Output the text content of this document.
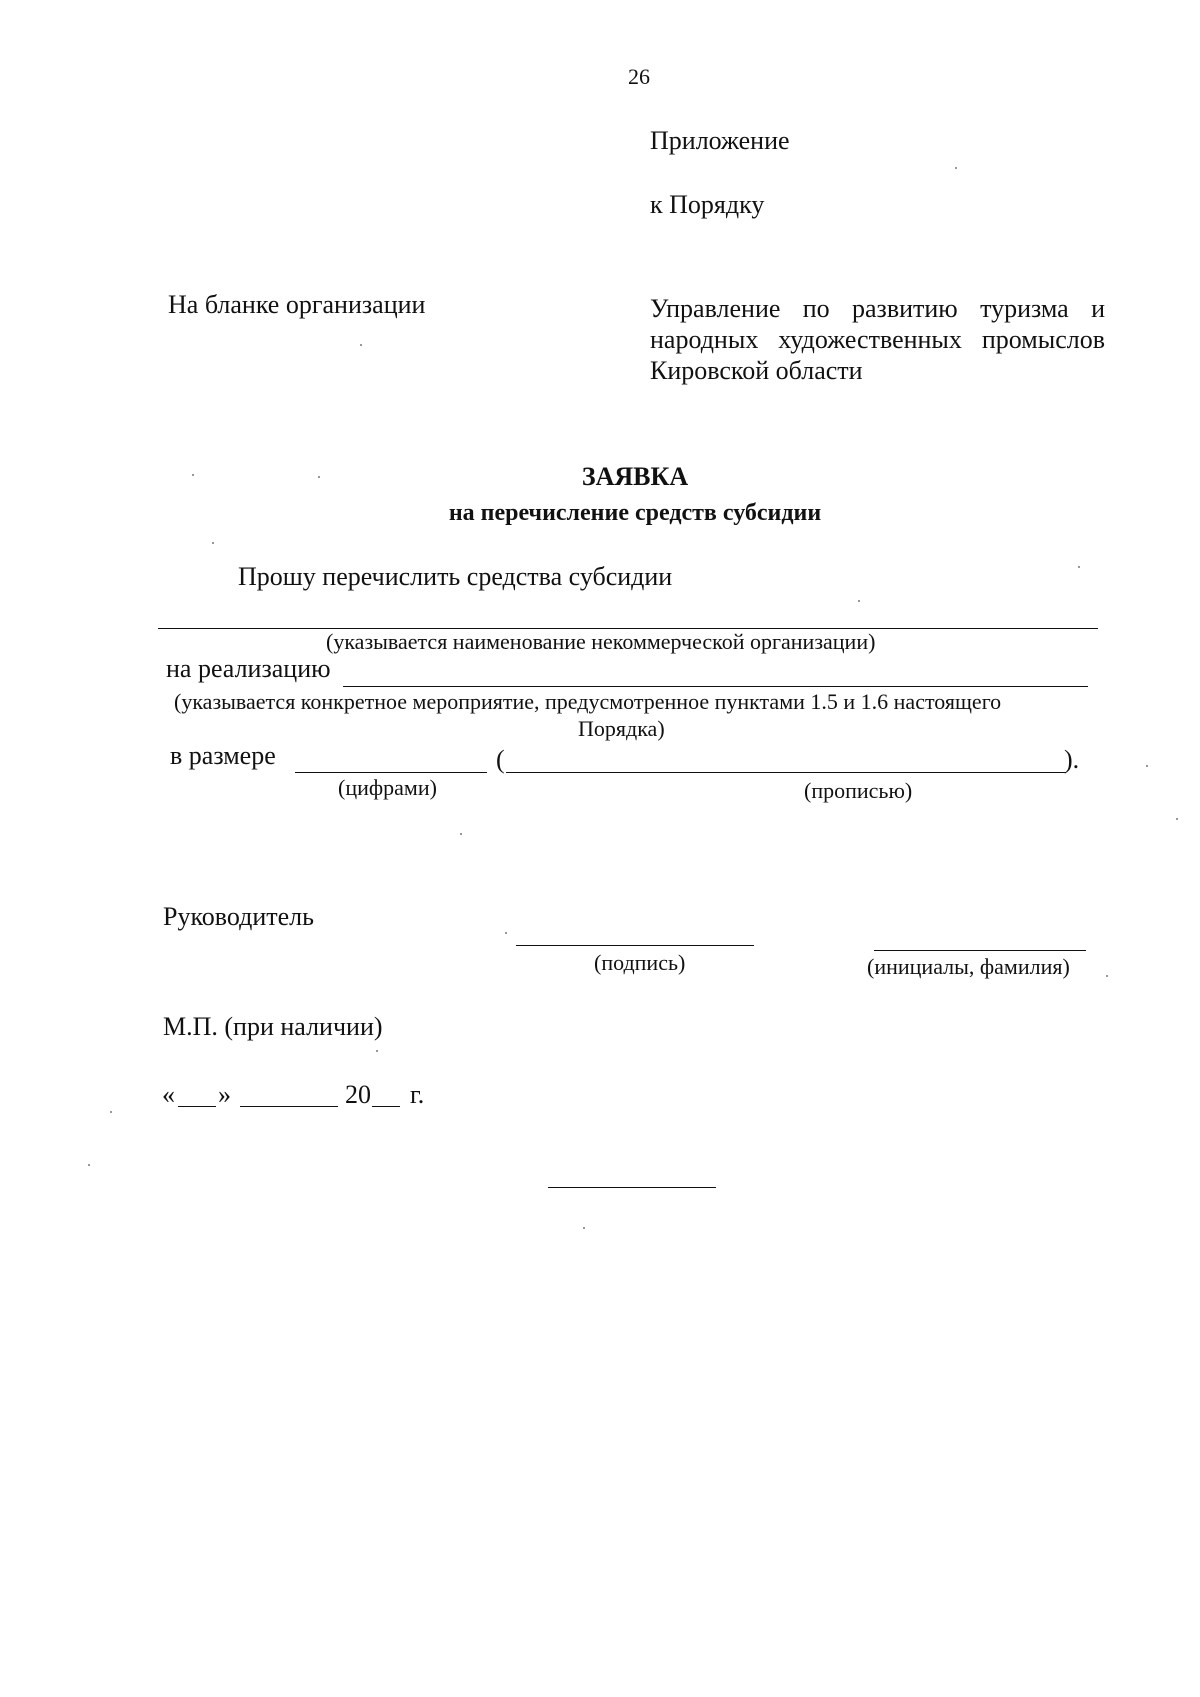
26
Приложение
к Порядку
На бланке организации	Управление по развитию туризма и народных художественных промыслов Кировской области
ЗАЯВКА
на перечисление средств субсидии
Прошу перечислить средства субсидии
(указывается наименование некоммерческой организации)
на реализацию
(указывается конкретное мероприятие, предусмотренное пунктами 1.5 и 1.6 настоящего
Порядка)
в размере	(	).
(цифрами)	(прописью)
Руководитель
(подпись)	(инициалы, фамилия)
М.П. (при наличии)
« »	20 г.
